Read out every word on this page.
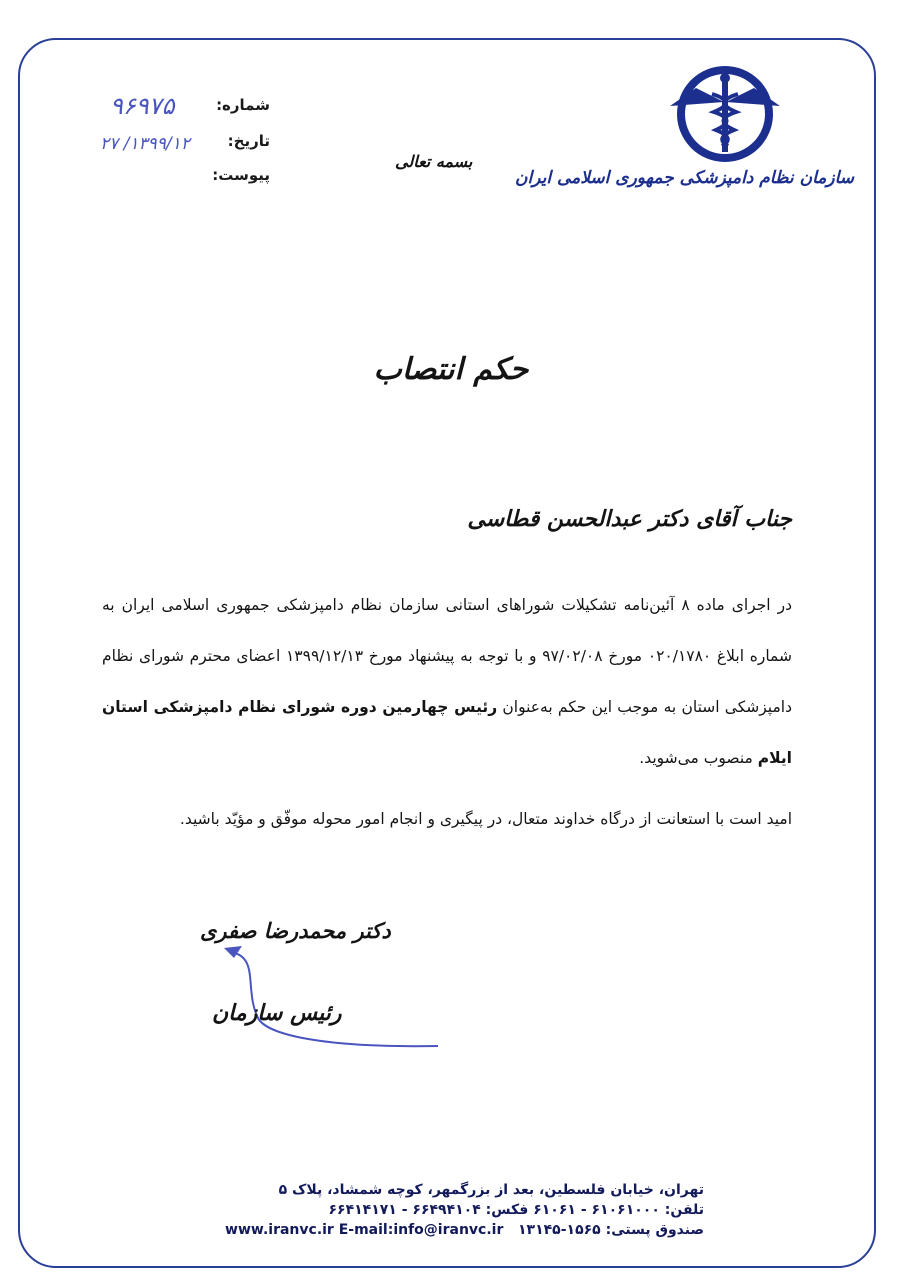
سازمان نظام دامپزشکی جمهوری اسلامی ایران
شماره:
۹۶۹۷۵
تاریخ:
۱۳۹۹/۱۲/ ۲۷
پیوست:
بسمه تعالی
حکم انتصاب
جناب آقای دکتر عبدالحسن قطاسی

در اجرای ماده ۸ آئین‌نامه تشکیلات شوراهای استانی سازمان نظام دامپزشکی جمهوری اسلامی ایران به شماره ابلاغ ۰۲۰/۱۷۸۰ مورخ ۹۷/۰۲/۰۸ و با توجه به پیشنهاد مورخ ۱۳۹۹/۱۲/۱۳ اعضای محترم شورای نظام دامپزشکی استان به موجب این حکم به‌عنوان رئیس چهارمین دوره شورای نظام دامپزشکی استان ایلام منصوب می‌شوید.

امید است با استعانت از درگاه خداوند متعال، در پیگیری و انجام امور محوله موفّق و مؤیّد باشید.
دکتر محمدرضا صفری
رئیس سازمان
تهران، خیابان فلسطین، بعد از بزرگمهر، کوچه شمشاد، پلاک ۵
تلفن: ۶۱۰۶۱۰۰۰ - ۶۱۰۶۱ فکس: ۶۶۴۹۴۱۰۴ - ۶۶۴۱۴۱۷۱
صندوق پستی: ۱۵۶۵-۱۳۱۴۵   www.iranvc.ir E-mail:info@iranvc.ir
